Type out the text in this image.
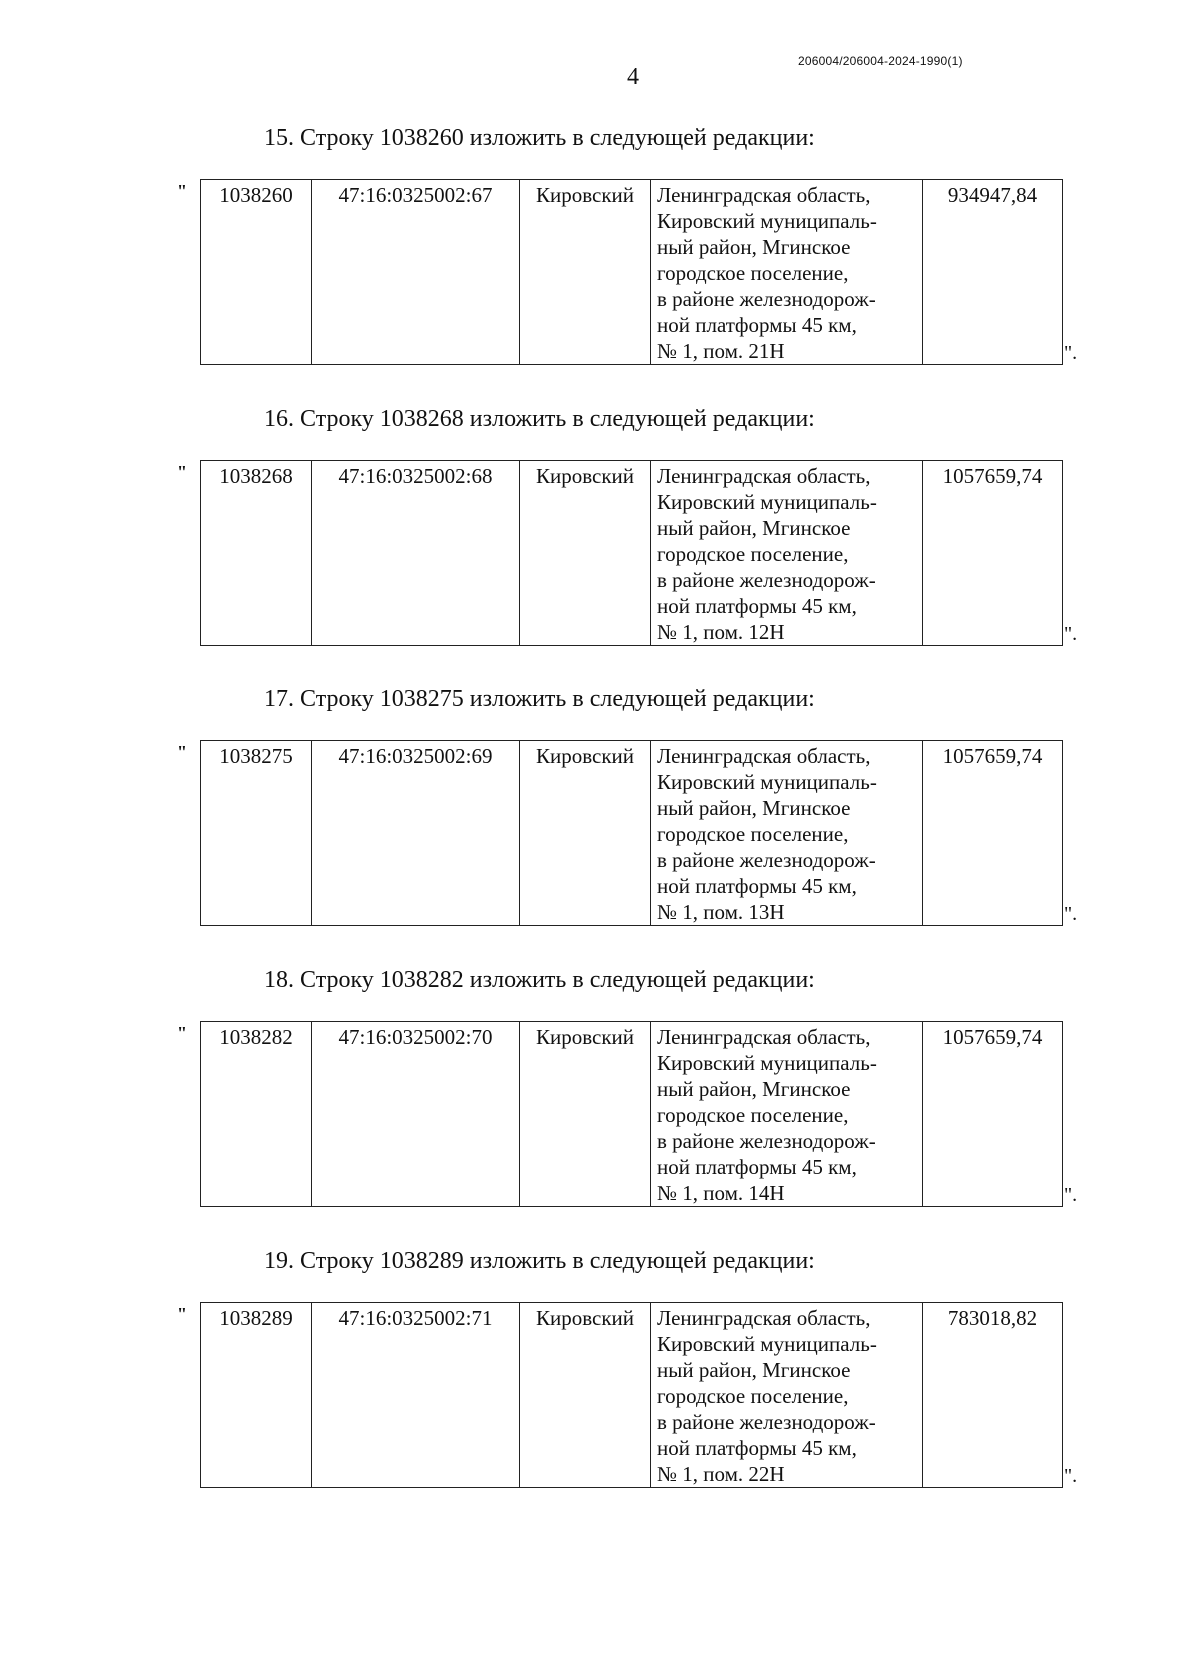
206004/206004-2024-1990(1)
4
15. Строку 1038260 изложить в следующей редакции:
" 1038260	47:16:0325002:67	Кировский	Ленинградская область,
Кировский муниципаль-
ный район, Мгинское
городское поселение,
в районе железнодорож-
ной платформы 45 км,
№ 1, пом. 21Н
	934947,84
".
16. Строку 1038268 изложить в следующей редакции:
" 1038268	47:16:0325002:68	Кировский	Ленинградская область,
Кировский муниципаль-
ный район, Мгинское
городское поселение,
в районе железнодорож-
ной платформы 45 км,
№ 1, пом. 12Н
	1057659,74
".
17. Строку 1038275 изложить в следующей редакции:
" 1038275	47:16:0325002:69	Кировский	Ленинградская область,
Кировский муниципаль-
ный район, Мгинское
городское поселение,
в районе железнодорож-
ной платформы 45 км,
№ 1, пом. 13Н
	1057659,74
".
18. Строку 1038282 изложить в следующей редакции:
" 1038282	47:16:0325002:70	Кировский	Ленинградская область,
Кировский муниципаль-
ный район, Мгинское
городское поселение,
в районе железнодорож-
ной платформы 45 км,
№ 1, пом. 14Н
	1057659,74
".
19. Строку 1038289 изложить в следующей редакции:
" 1038289	47:16:0325002:71	Кировский	Ленинградская область,
Кировский муниципаль-
ный район, Мгинское
городское поселение,
в районе железнодорож-
ной платформы 45 км,
№ 1, пом. 22Н
	783018,82
".
